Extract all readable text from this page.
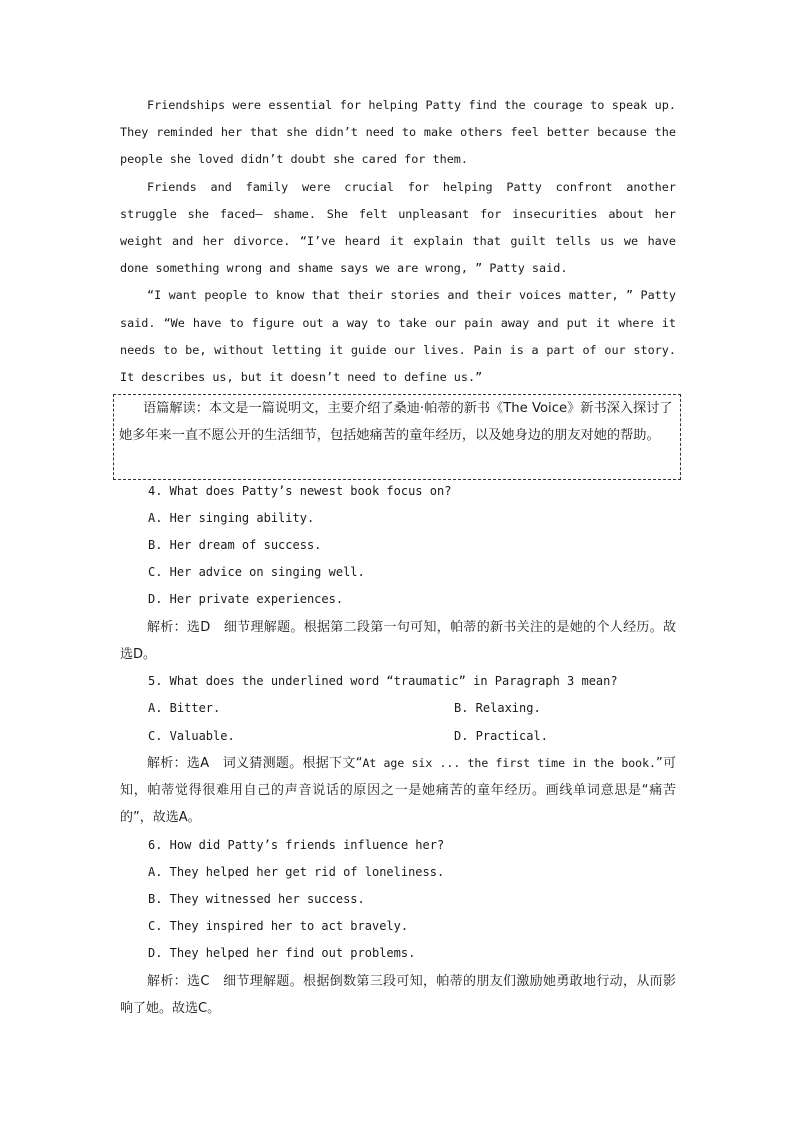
Friendships were essential for helping Patty find the courage to speak up. They reminded her that she didn’t need to make others feel better because the people she loved didn’t doubt she cared for them.

Friends and family were crucial for helping Patty confront another struggle she faced— shame. She felt unpleasant for insecurities about her weight and her divorce. “I’ve heard it explain that guilt tells us we have done something wrong and shame says we are wrong, ” Patty said.

“I want people to know that their stories and their voices matter, ” Patty said. “We have to figure out a way to take our pain away and put it where it needs to be, without letting it guide our lives. Pain is a part of our story. It describes us, but it doesn’t need to define us.”

语篇解读：本文是一篇说明文，主要介绍了桑迪·帕蒂的新书《The Voice》新书深入探讨了她多年来一直不愿公开的生活细节，包括她痛苦的童年经历，以及她身边的朋友对她的帮助。

4. What does Patty’s newest book focus on?
A. Her singing ability.
B. Her dream of success.
C. Her advice on singing well.
D. Her private experiences.

解析：选D　细节理解题。根据第二段第一句可知，帕蒂的新书关注的是她的个人经历。故选D。

5. What does the underlined word “traumatic” in Paragraph 3 mean?
A. Bitter.	B. Relaxing.
C. Valuable.	D. Practical.

解析：选A　词义猜测题。根据下文“At age six ... the first time in the book.”可知，帕蒂觉得很难用自己的声音说话的原因之一是她痛苦的童年经历。画线单词意思是“痛苦的”，故选A。

6. How did Patty’s friends influence her?
A. They helped her get rid of loneliness.
B. They witnessed her success.
C. They inspired her to act bravely.
D. They helped her find out problems.

解析：选C　细节理解题。根据倒数第三段可知，帕蒂的朋友们激励她勇敢地行动，从而影响了她。故选C。
